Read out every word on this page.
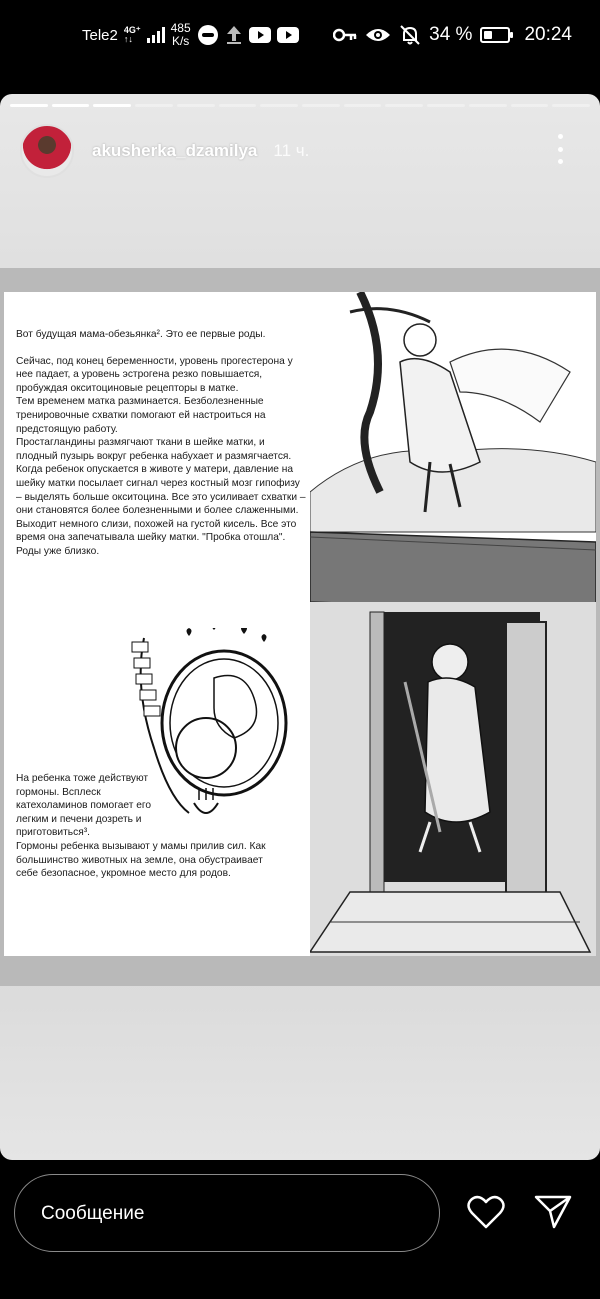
Tele2 4G⁺
↑↓
485
K/s	34 %	20:24
akusherka_dzamilya 11 ч.

Вот будущая мама-обезьянка². Это ее первые роды.

Сейчас, под конец беременности, уровень прогестерона у нее падает, а уровень эстрогена резко повышается, пробуждая окситоциновые рецепторы в матке.

Тем временем матка разминается. Безболезненные тренировочные схватки помогают ей настроиться на предстоящую работу.

Простагландины размягчают ткани в шейке матки, и плодный пузырь вокруг ребенка набухает и размягчается.

Когда ребенок опускается в животе у матери, давление на шейку матки посылает сигнал через костный мозг гипофизу – выделять больше окситоцина. Все это усиливает схватки – они становятся более болезненными и более слаженными.

Выходит немного слизи, похожей на густой кисель. Все это время она запечатывала шейку матки. "Пробка отошла".

Роды уже близко.

На ребенка тоже действуют гормоны. Всплеск катехоламинов помогает его легким и печени дозреть и приготовиться³.

Гормоны ребенка вызывают у мамы прилив сил. Как большинство животных на земле, она обустраивает себе безопасное, укромное место для родов.

Сообщение
